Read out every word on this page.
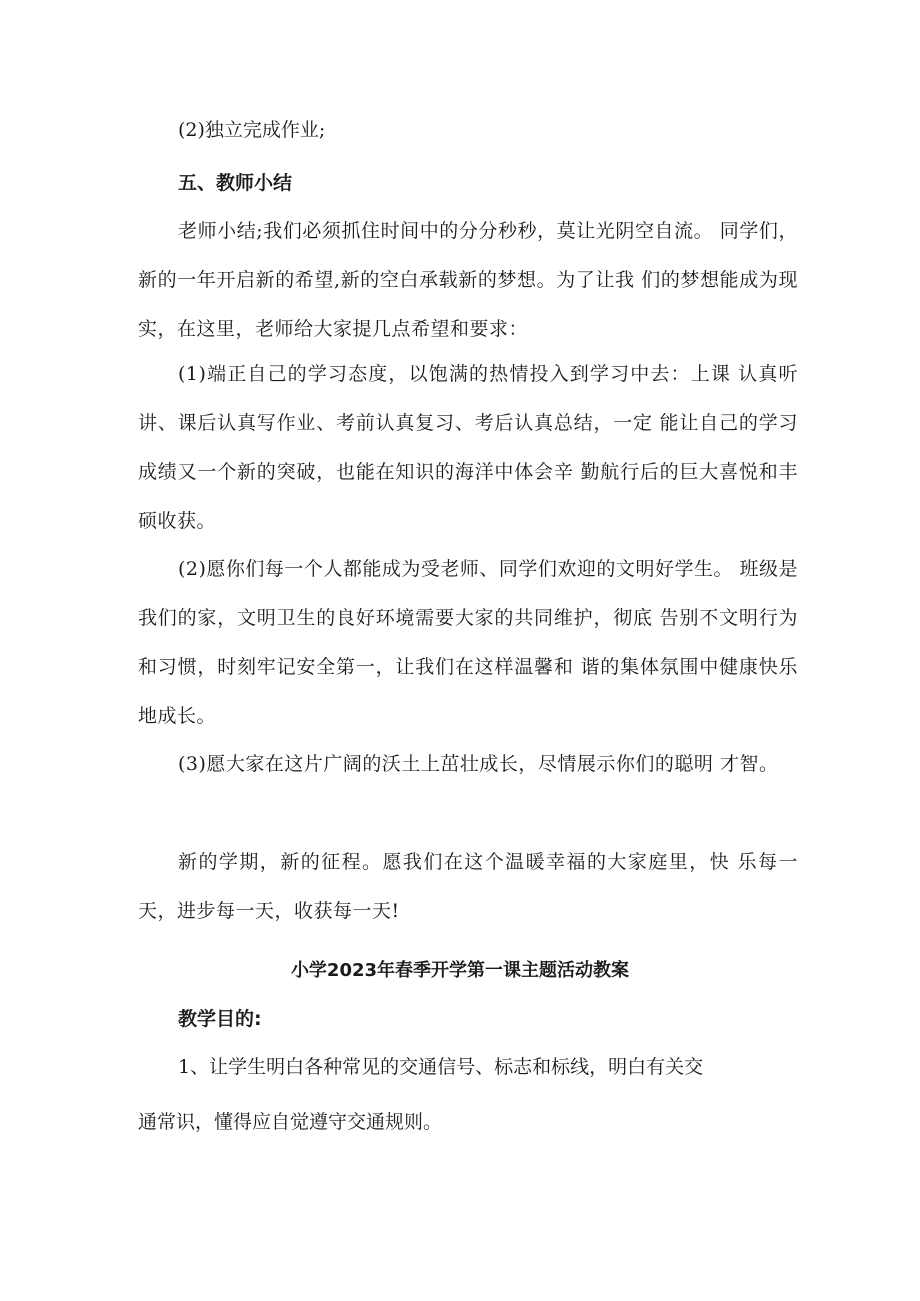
(2)独立完成作业;

五、教师小结

老师小结;我们必须抓住时间中的分分秒秒，莫让光阴空自流。 同学们，新的一年开启新的希望,新的空白承载新的梦想。为了让我 们的梦想能成为现实，在这里，老师给大家提几点希望和要求：

(1)端正自己的学习态度，以饱满的热情投入到学习中去：上课 认真听讲、课后认真写作业、考前认真复习、考后认真总结，一定 能让自己的学习成绩又一个新的突破，也能在知识的海洋中体会辛 勤航行后的巨大喜悦和丰硕收获。

(2)愿你们每一个人都能成为受老师、同学们欢迎的文明好学生。 班级是我们的家，文明卫生的良好环境需要大家的共同维护，彻底 告别不文明行为和习惯，时刻牢记安全第一，让我们在这样温馨和 谐的集体氛围中健康快乐地成长。

(3)愿大家在这片广阔的沃土上茁壮成长，尽情展示你们的聪明 才智。

新的学期，新的征程。愿我们在这个温暖幸福的大家庭里，快 乐每一天，进步每一天，收获每一天!

小学2023年春季开学第一课主题活动教案

教学目的:

1、让学生明白各种常见的交通信号、标志和标线，明白有关交

通常识，懂得应自觉遵守交通规则。
